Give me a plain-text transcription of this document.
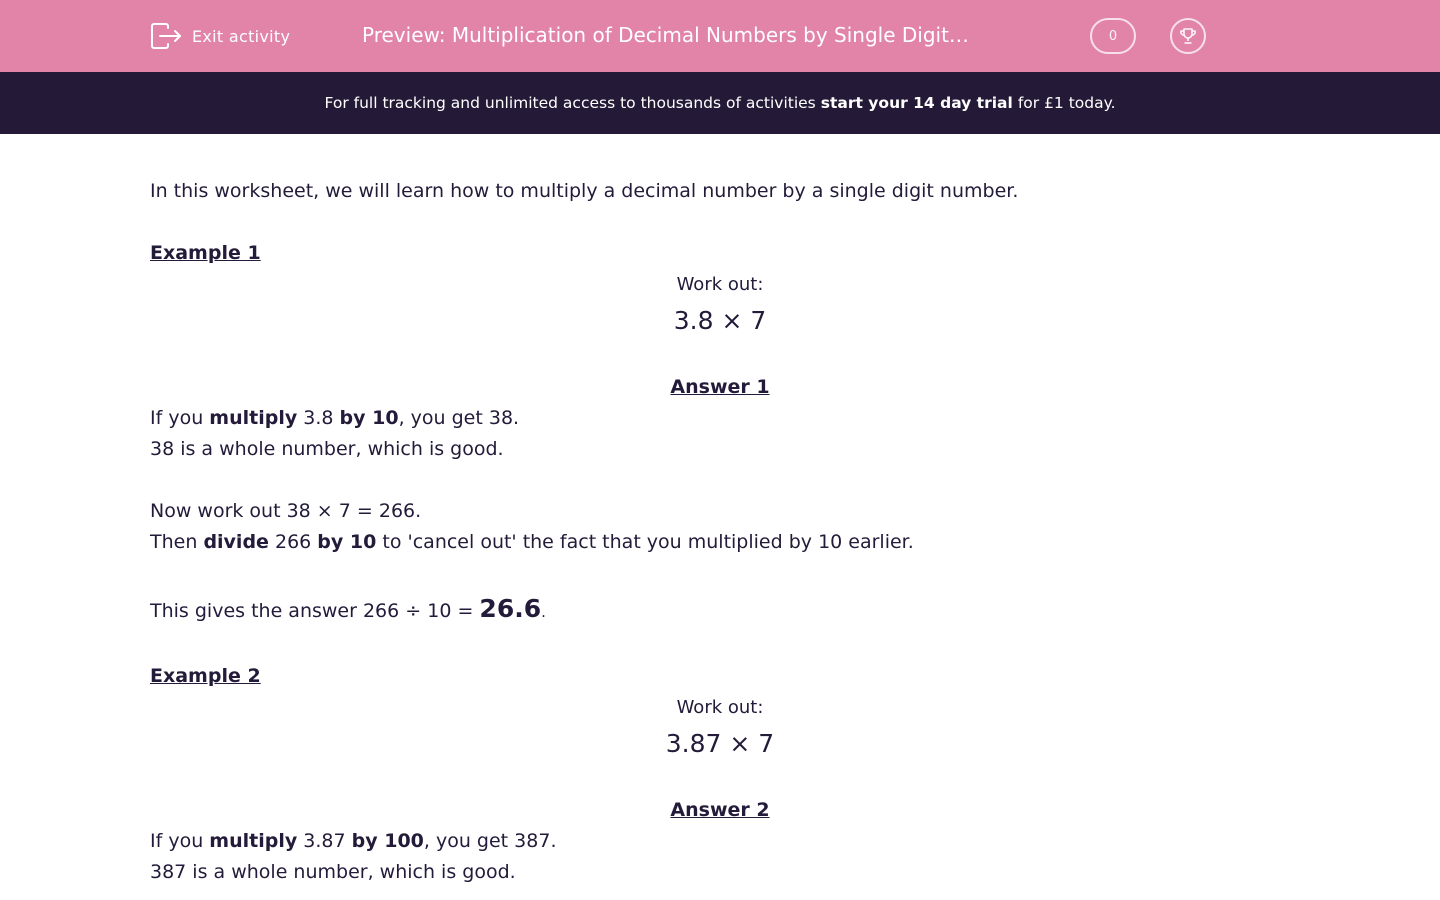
Exit activity	Preview: Multiplication of Decimal Numbers by Single Digit…	0
For full tracking and unlimited access to thousands of activities start your 14 day trial for £1 today.
In this worksheet, we will learn how to multiply a decimal number by a single digit number.
Example 1
Work out:
3.8 × 7
Answer 1
If you multiply 3.8 by 10, you get 38.
38 is a whole number, which is good.
Now work out 38 × 7 = 266.
Then divide 266 by 10 to 'cancel out' the fact that you multiplied by 10 earlier.
This gives the answer 266 ÷ 10 = 26.6.
Example 2
Work out:
3.87 × 7
Answer 2
If you multiply 3.87 by 100, you get 387.
387 is a whole number, which is good.
